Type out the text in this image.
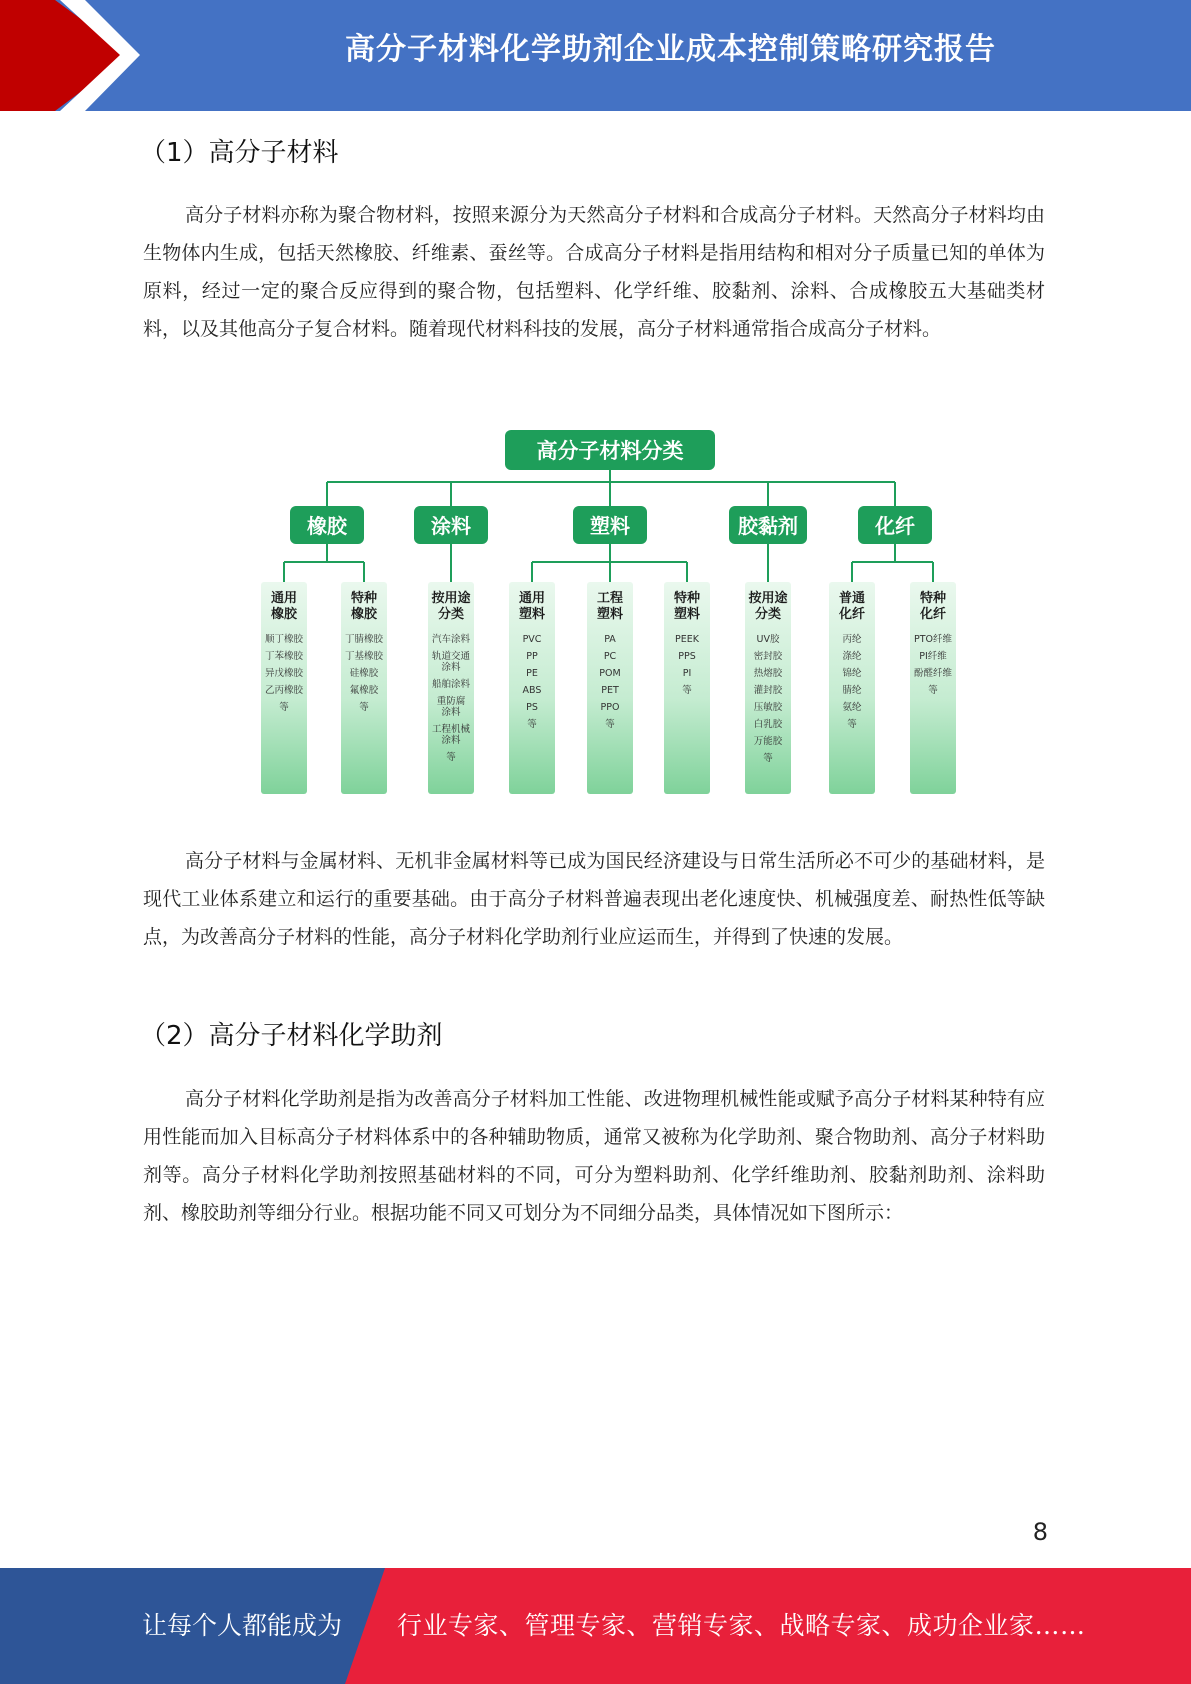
高分子材料化学助剂企业成本控制策略研究报告
（1）高分子材料
高分子材料亦称为聚合物材料，按照来源分为天然高分子材料和合成高分子材料。天然高分子材料均由生物体内生成，包括天然橡胶、纤维素、蚕丝等。合成高分子材料是指用结构和相对分子质量已知的单体为原料，经过一定的聚合反应得到的聚合物，包括塑料、化学纤维、胶黏剂、涂料、合成橡胶五大基础类材料，以及其他高分子复合材料。随着现代材料科技的发展，高分子材料通常指合成高分子材料。
高分子材料分类
橡胶
通用
橡胶
顺丁橡胶
丁苯橡胶
异戊橡胶
乙丙橡胶
等
特种
橡胶
丁腈橡胶
丁基橡胶
硅橡胶
氟橡胶
等
涂料
按用途
分类
汽车涂料
轨道交通
涂料
船舶涂料
重防腐
涂料
工程机械
涂料
等
塑料
通用
塑料
PVC
PP
PE
ABS
PS
等
工程
塑料
PA
PC
POM
PET
PPO
等
特种
塑料
PEEK
PPS
PI
等
胶黏剂
按用途
分类
UV胶
密封胶
热熔胶
灌封胶
压敏胶
白乳胶
万能胶
等
化纤
普通
化纤
丙纶
涤纶
锦纶
腈纶
氨纶
等
特种
化纤
PTO纤维
PI纤维
酚醛纤维
等
高分子材料与金属材料、无机非金属材料等已成为国民经济建设与日常生活所必不可少的基础材料，是现代工业体系建立和运行的重要基础。由于高分子材料普遍表现出老化速度快、机械强度差、耐热性低等缺点，为改善高分子材料的性能，高分子材料化学助剂行业应运而生，并得到了快速的发展。
（2）高分子材料化学助剂
高分子材料化学助剂是指为改善高分子材料加工性能、改进物理机械性能或赋予高分子材料某种特有应用性能而加入目标高分子材料体系中的各种辅助物质，通常又被称为化学助剂、聚合物助剂、高分子材料助剂等。高分子材料化学助剂按照基础材料的不同，可分为塑料助剂、化学纤维助剂、胶黏剂助剂、涂料助剂、橡胶助剂等细分行业。根据功能不同又可划分为不同细分品类，具体情况如下图所示：
8
让每个人都能成为 行业专家、管理专家、营销专家、战略专家、成功企业家……
